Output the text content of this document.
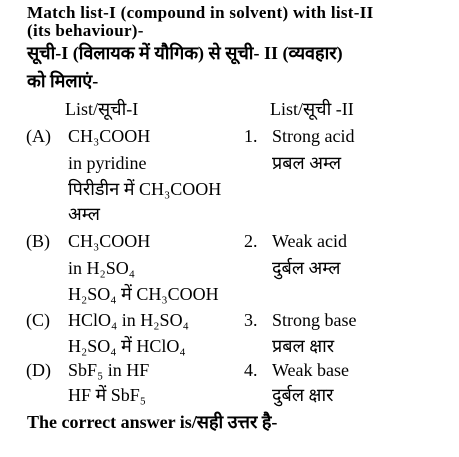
Match list-I (compound in solvent) with list-II
(its behaviour)-
सूची-I (विलायक में यौगिक) से सूची- II (व्यवहार)
को मिलाएं-
List/सूची-I	List/सूची -II
(A) CH₃COOH
in pyridine
पिरीडीन में CH₃COOH
अम्ल
1. Strong acid
प्रबल अम्ल
(B) CH₃COOH
in H₂SO₄
H₂SO₄ में CH₃COOH
2. Weak acid
दुर्बल अम्ल
(C) HClO₄ in H₂SO₄
H₂SO₄ में HClO₄
3. Strong base
प्रबल क्षार
(D) SbF₅ in HF
HF में SbF₅
4. Weak base
दुर्बल क्षार
The correct answer is/सही उत्तर है-
